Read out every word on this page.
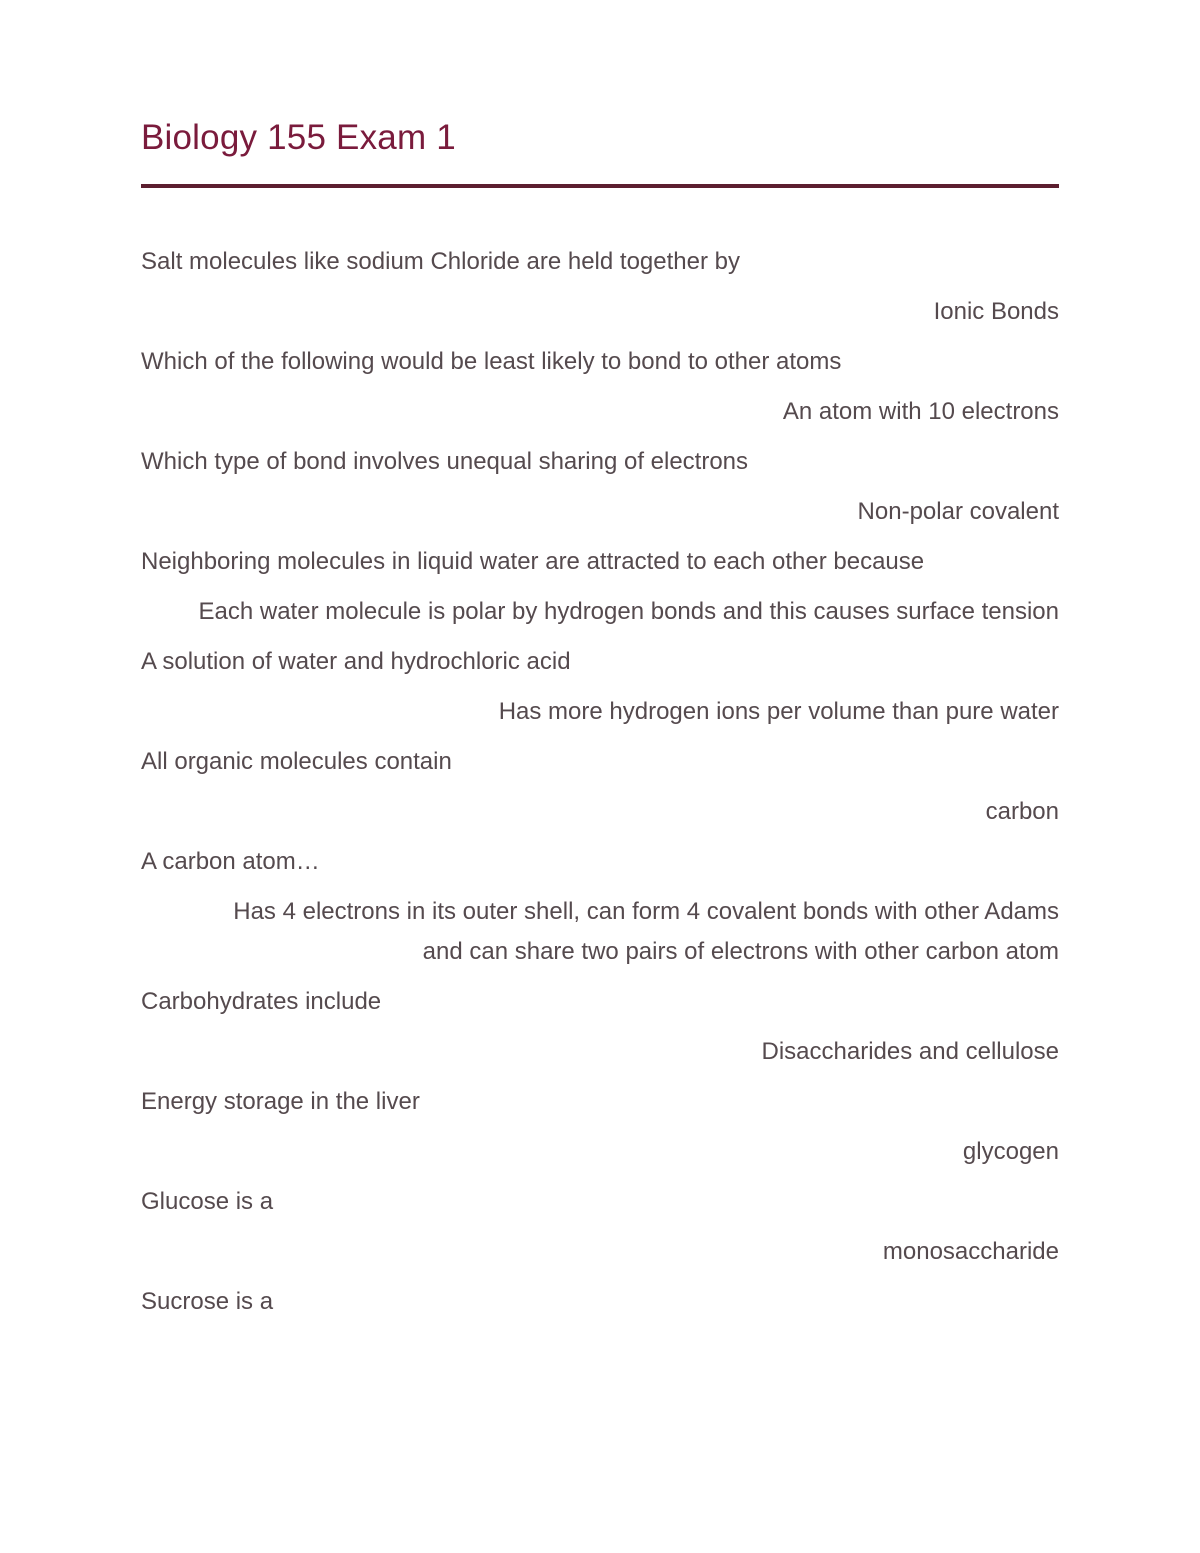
Biology 155 Exam 1

Salt molecules like sodium Chloride are held together by

Ionic Bonds

Which of the following would be least likely to bond to other atoms

An atom with 10 electrons

Which type of bond involves unequal sharing of electrons

Non-polar covalent

Neighboring molecules in liquid water are attracted to each other because

Each water molecule is polar by hydrogen bonds and this causes surface tension

A solution of water and hydrochloric acid

Has more hydrogen ions per volume than pure water

All organic molecules contain

carbon

A carbon atom…

Has 4 electrons in its outer shell, can form 4 covalent bonds with other Adams and can share two pairs of electrons with other carbon atom

Carbohydrates include

Disaccharides and cellulose

Energy storage in the liver

glycogen

Glucose is a

monosaccharide

Sucrose is a
